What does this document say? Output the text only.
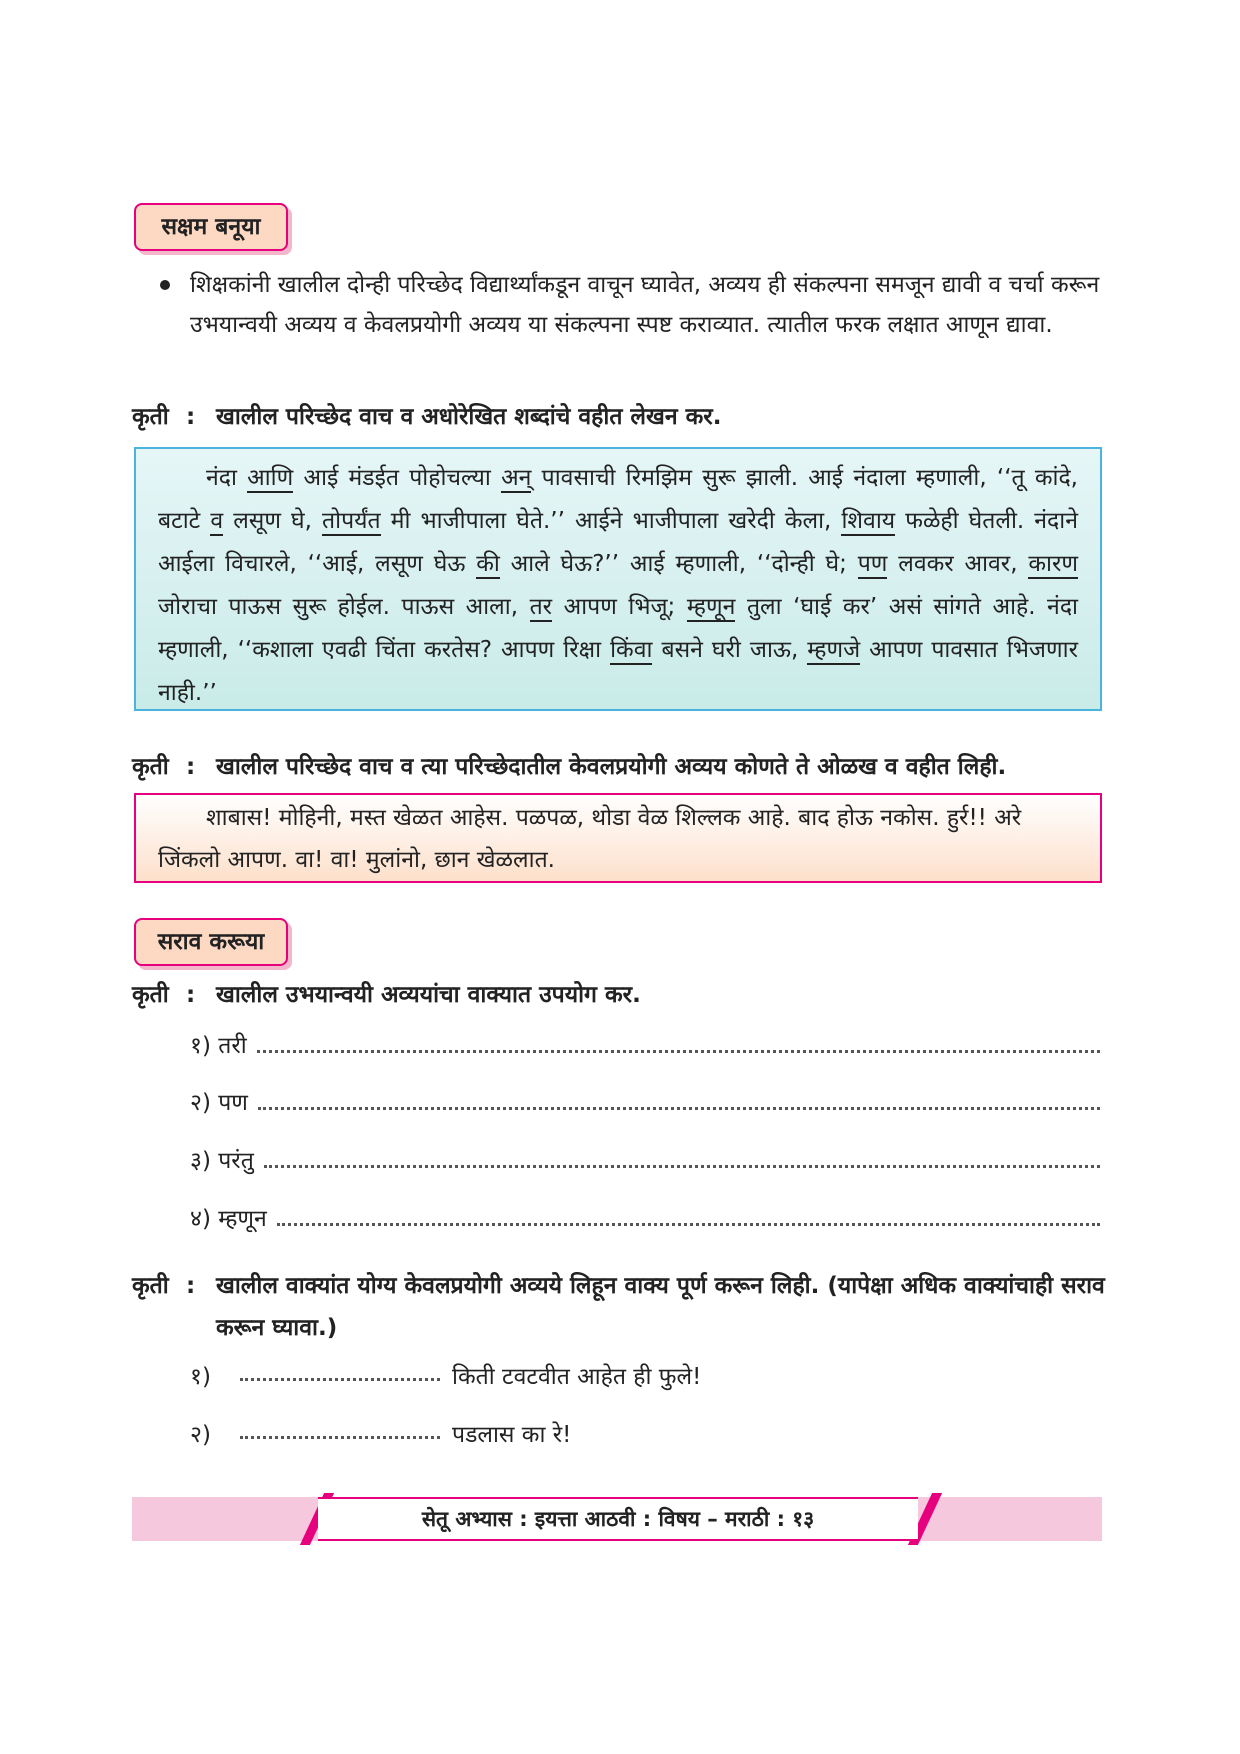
सक्षम बनूया
शिक्षकांनी खालील दोन्ही परिच्छेद विद्यार्थ्यांकडून वाचून घ्यावेत, अव्यय ही संकल्पना समजून द्यावी व चर्चा करून उभयान्वयी अव्यय व केवलप्रयोगी अव्यय या संकल्पना स्पष्ट कराव्यात. त्यातील फरक लक्षात आणून द्यावा.
कृती : खालील परिच्छेद वाच व अधोरेखित शब्दांचे वहीत लेखन कर.
नंदा आणि आई मंडईत पोहोचल्या अन् पावसाची रिमझिम सुरू झाली. आई नंदाला म्हणाली, ‘‘तू कांदे, बटाटे व लसूण घे, तोपर्यंत मी भाजीपाला घेते.’’ आईने भाजीपाला खरेदी केला, शिवाय फळेही घेतली. नंदाने आईला विचारले, ‘‘आई, लसूण घेऊ की आले घेऊ?’’ आई म्हणाली, ‘‘दोन्ही घे; पण लवकर आवर, कारण जोराचा पाऊस सुरू होईल. पाऊस आला, तर आपण भिजू; म्हणून तुला ‘घाई कर’ असं सांगते आहे. नंदा म्हणाली, ‘‘कशाला एवढी चिंता करतेस? आपण रिक्षा किंवा बसने घरी जाऊ, म्हणजे आपण पावसात भिजणार नाही.’’
कृती : खालील परिच्छेद वाच व त्या परिच्छेदातील केवलप्रयोगी अव्यय कोणते ते ओळख व वहीत लिही.
शाबास! मोहिनी, मस्त खेळत आहेस. पळपळ, थोडा वेळ शिल्लक आहे. बाद होऊ नकोस. हुर्र!! अरे जिंकलो आपण. वा! वा! मुलांनो, छान खेळलात.
सराव करूया
कृती : खालील उभयान्वयी अव्ययांचा वाक्यात उपयोग कर.
१) तरी
२) पण
३) परंतु
४) म्हणून
कृती : खालील वाक्यांत योग्य केवलप्रयोगी अव्यये लिहून वाक्य पूर्ण करून लिही. (यापेक्षा अधिक वाक्यांचाही सराव करून घ्यावा.)
१)	किती टवटवीत आहेत ही फुले!
२)	पडलास का रे!
सेतू अभ्यास : इयत्ता आठवी : विषय – मराठी : १३
